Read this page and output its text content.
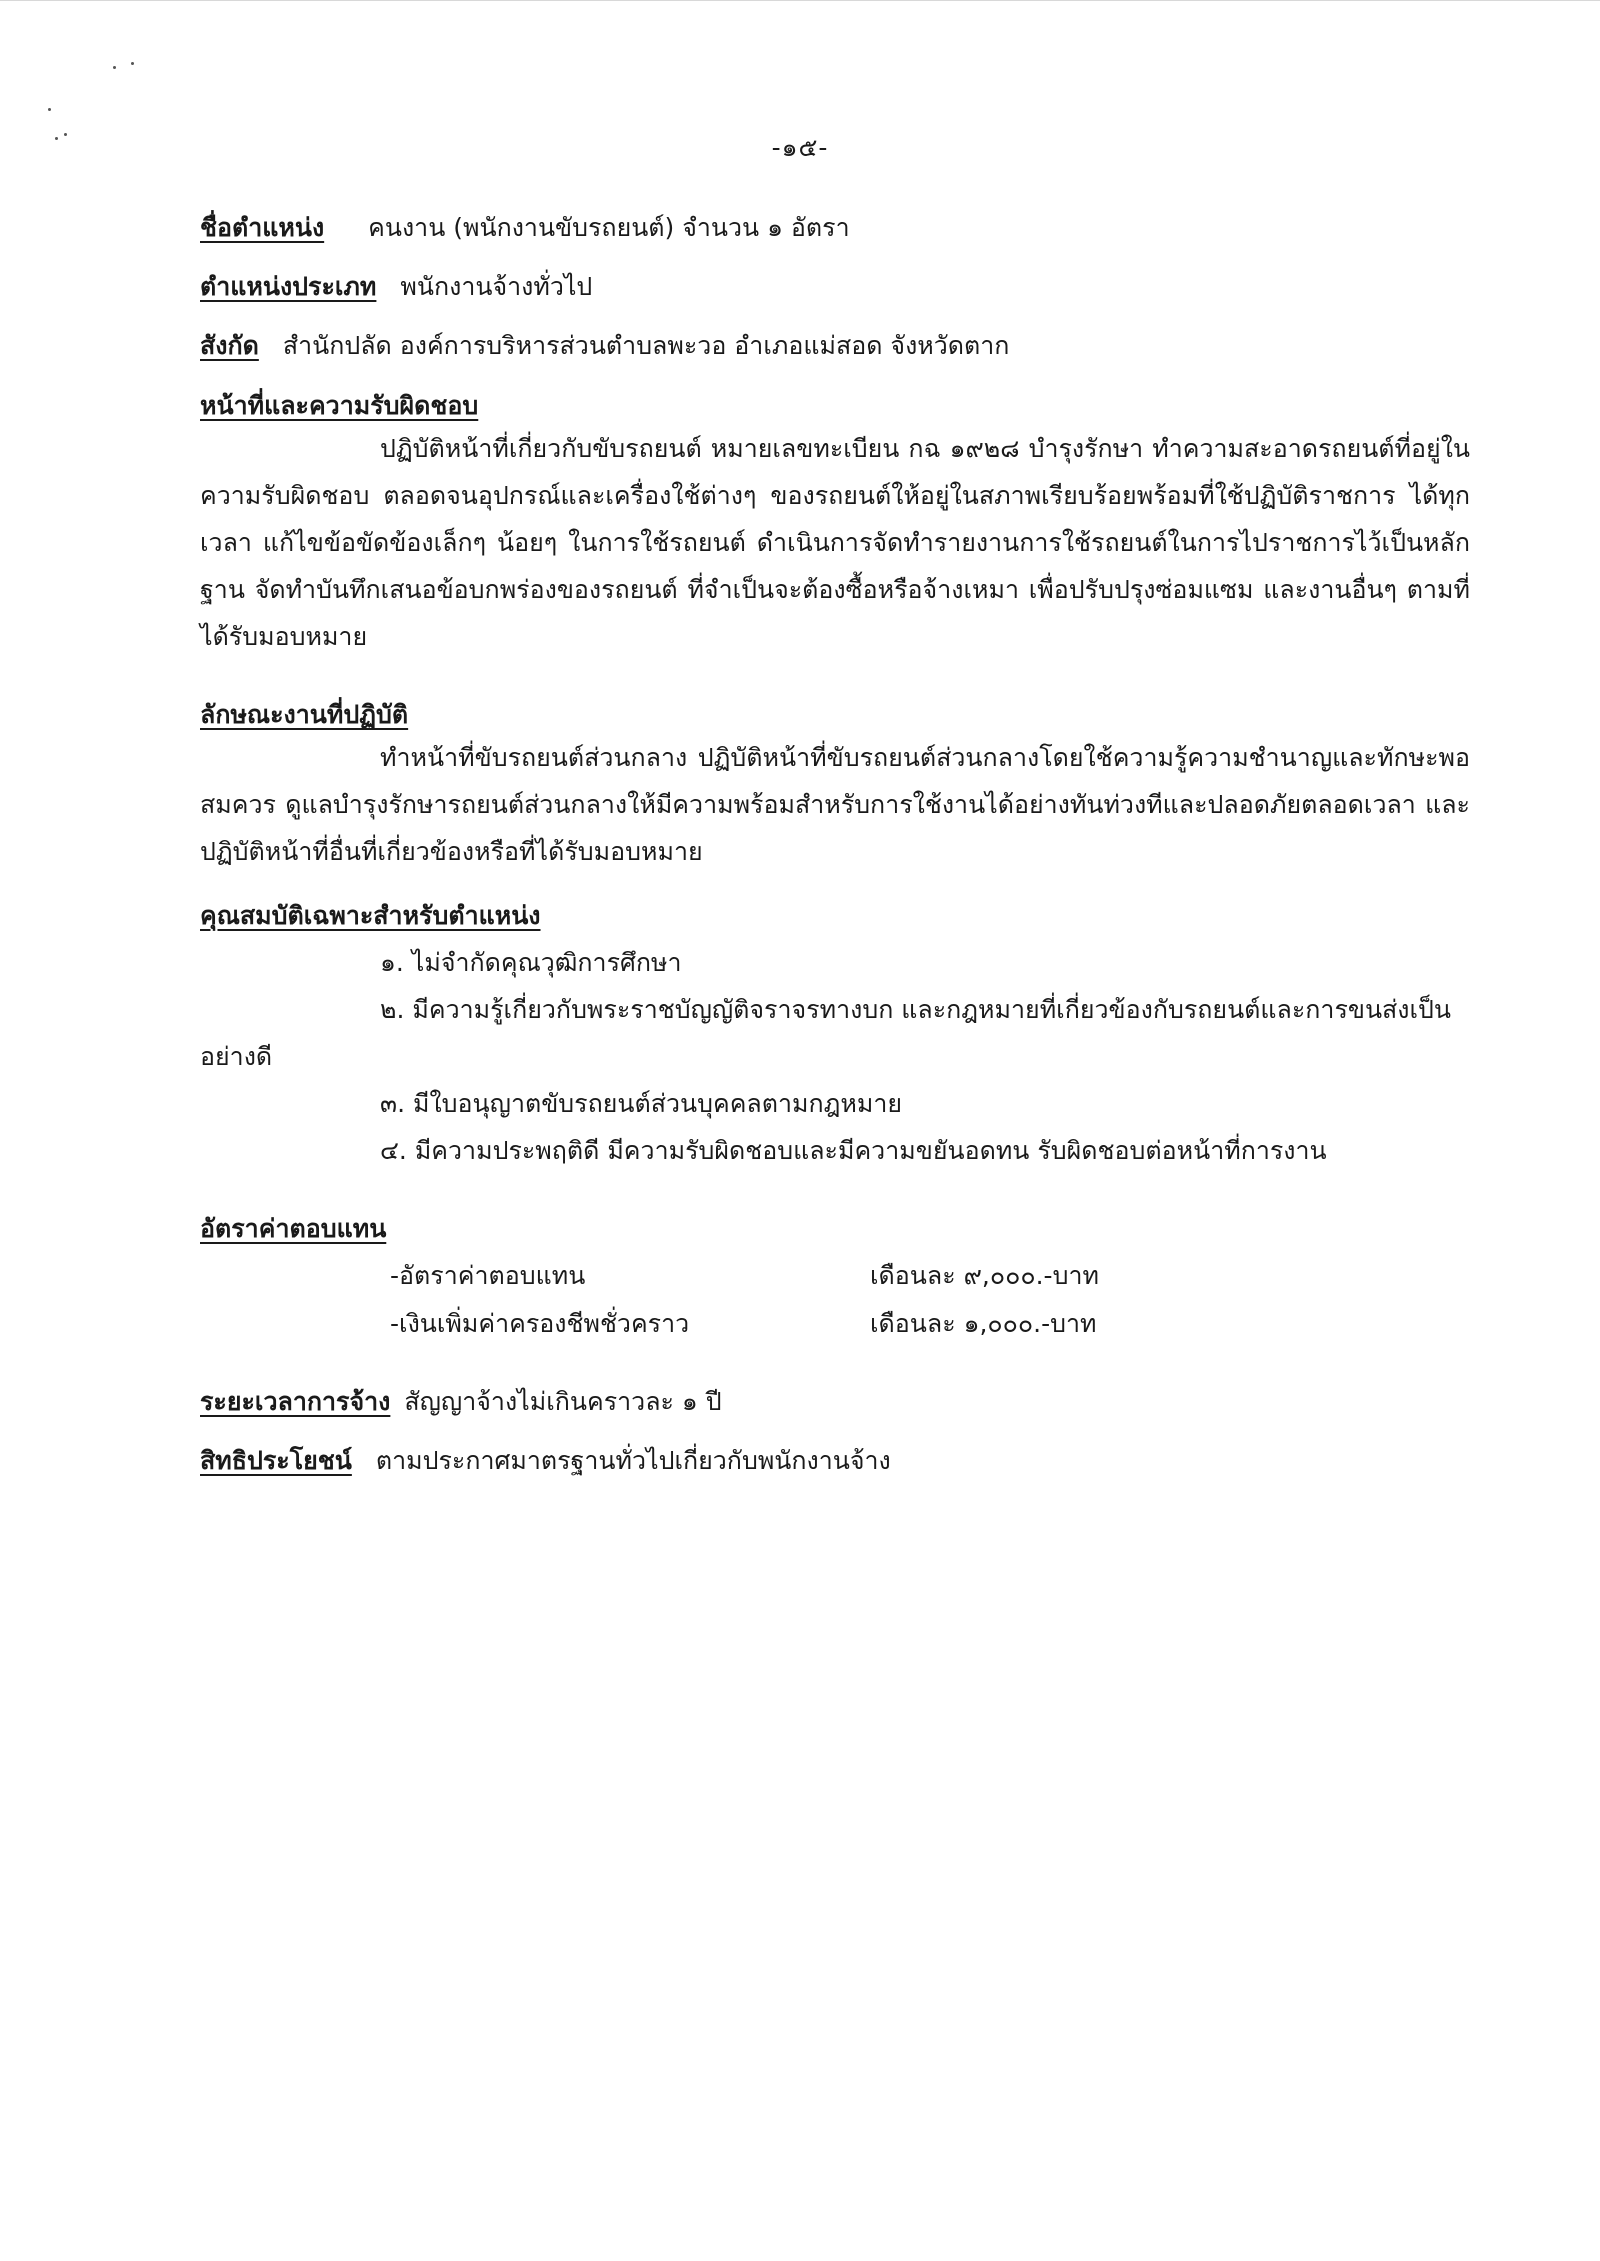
-๑๕-
ชื่อตำแหน่ง คนงาน (พนักงานขับรถยนต์) จำนวน ๑ อัตรา
ตำแหน่งประเภท พนักงานจ้างทั่วไป
สังกัด สำนักปลัด องค์การบริหารส่วนตำบลพะวอ อำเภอแม่สอด จังหวัดตาก
หน้าที่และความรับผิดชอบ
ปฏิบัติหน้าที่เกี่ยวกับขับรถยนต์ หมายเลขทะเบียน กฉ ๑๙๒๘ บำรุงรักษา ทำความสะอาดรถยนต์ที่อยู่ในความรับผิดชอบ ตลอดจนอุปกรณ์และเครื่องใช้ต่างๆ ของรถยนต์ให้อยู่ในสภาพเรียบร้อยพร้อมที่ใช้ปฏิบัติราชการ ได้ทุกเวลา แก้ไขข้อขัดข้องเล็กๆ น้อยๆ ในการใช้รถยนต์ ดำเนินการจัดทำรายงานการใช้รถยนต์ในการไปราชการไว้เป็นหลักฐาน จัดทำบันทึกเสนอข้อบกพร่องของรถยนต์ ที่จำเป็นจะต้องซื้อหรือจ้างเหมา เพื่อปรับปรุงซ่อมแซม และงานอื่นๆ ตามที่ได้รับมอบหมาย
ลักษณะงานที่ปฏิบัติ
ทำหน้าที่ขับรถยนต์ส่วนกลาง ปฏิบัติหน้าที่ขับรถยนต์ส่วนกลางโดยใช้ความรู้ความชำนาญและทักษะพอสมควร ดูแลบำรุงรักษารถยนต์ส่วนกลางให้มีความพร้อมสำหรับการใช้งานได้อย่างทันท่วงทีและปลอดภัยตลอดเวลา และปฏิบัติหน้าที่อื่นที่เกี่ยวข้องหรือที่ได้รับมอบหมาย
คุณสมบัติเฉพาะสำหรับตำแหน่ง
๑. ไม่จำกัดคุณวุฒิการศึกษา
๒. มีความรู้เกี่ยวกับพระราชบัญญัติจราจรทางบก และกฎหมายที่เกี่ยวข้องกับรถยนต์และการขนส่งเป็นอย่างดี
๓. มีใบอนุญาตขับรถยนต์ส่วนบุคคลตามกฎหมาย
๔. มีความประพฤติดี มีความรับผิดชอบและมีความขยันอดทน รับผิดชอบต่อหน้าที่การงาน
อัตราค่าตอบแทน
-อัตราค่าตอบแทน	เดือนละ ๙,๐๐๐.-บาท
-เงินเพิ่มค่าครองชีพชั่วคราว	เดือนละ ๑,๐๐๐.-บาท
ระยะเวลาการจ้าง สัญญาจ้างไม่เกินคราวละ ๑ ปี
สิทธิประโยชน์ ตามประกาศมาตรฐานทั่วไปเกี่ยวกับพนักงานจ้าง
